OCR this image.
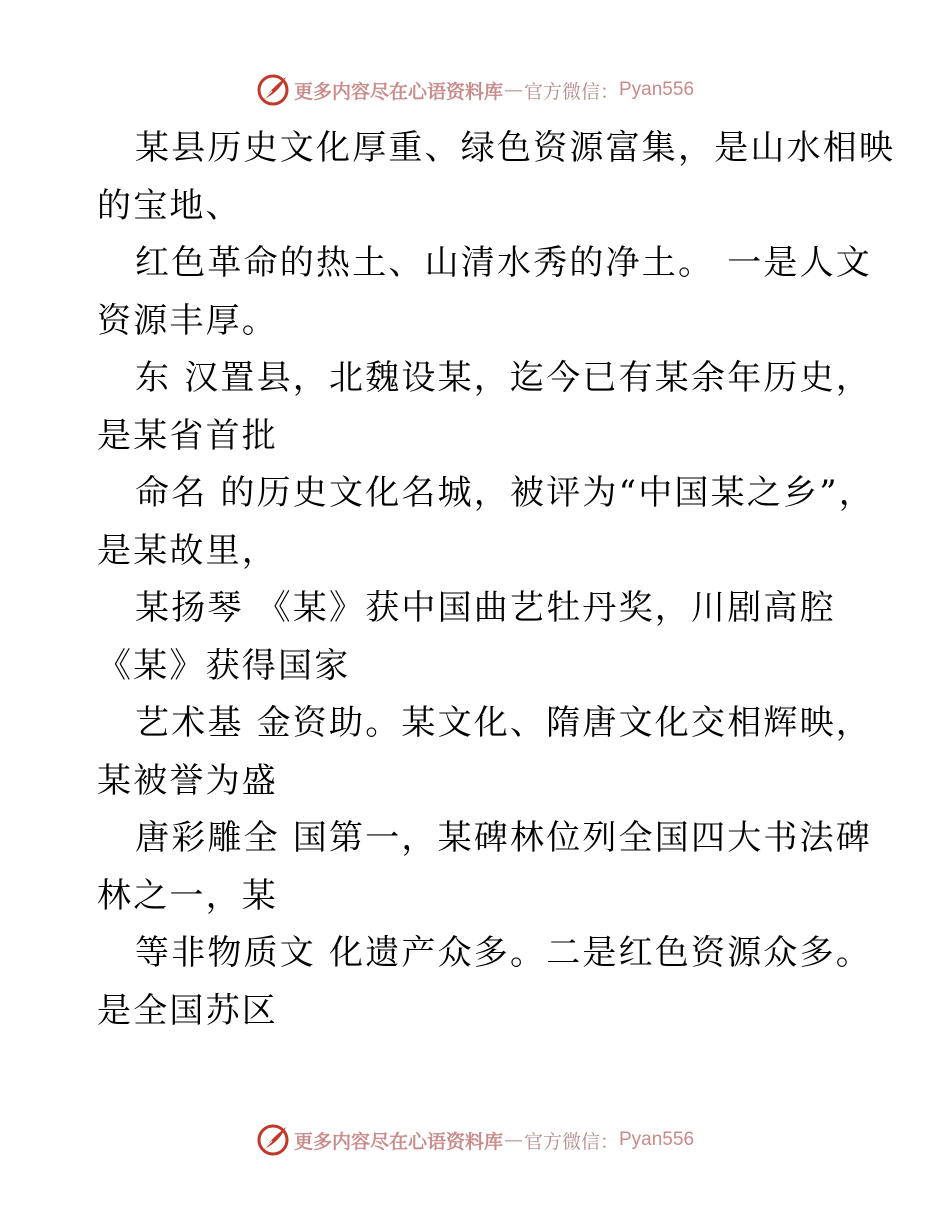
更多内容尽在心语资料库 — 官方微信： Pyan556
某县历史文化厚重、绿色资源富集，是山水相映
的宝地、
红色革命的热土、山清水秀的净土。 一是人文
资源丰厚。
东 汉置县，北魏设某，迄今已有某余年历史，
是某省首批
命名 的历史文化名城，被评为“中国某之乡”，
是某故里，
某扬琴 《某》获中国曲艺牡丹奖，川剧高腔
《某》获得国家
艺术基 金资助。某文化、隋唐文化交相辉映，
某被誉为盛
唐彩雕全 国第一，某碑林位列全国四大书法碑
林之一，某
等非物质文 化遗产众多。二是红色资源众多。
是全国苏区
更多内容尽在心语资料库 — 官方微信： Pyan556
